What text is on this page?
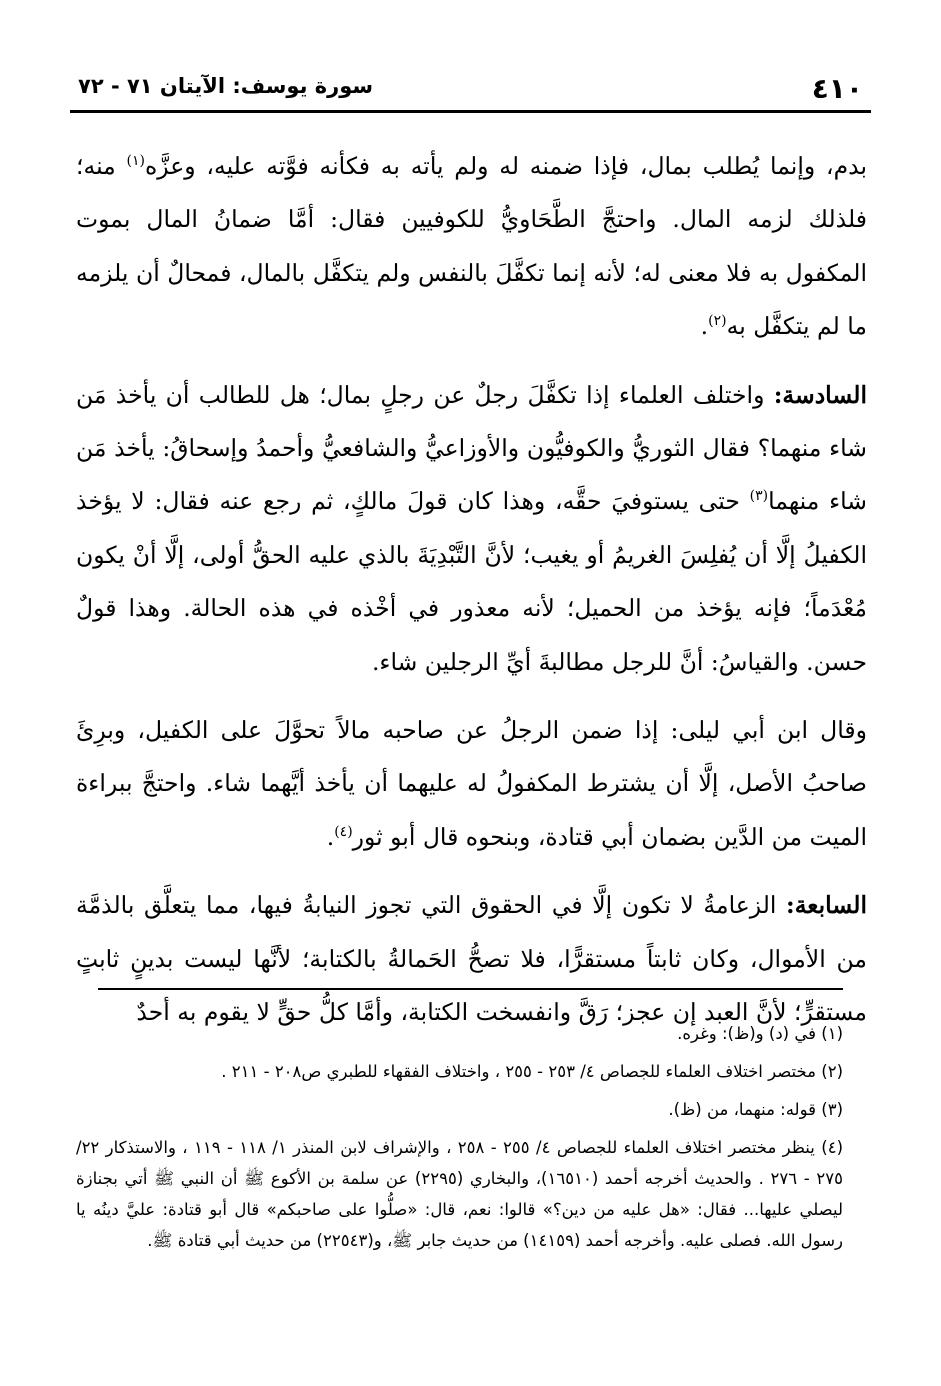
٤١٠
سورة يوسف: الآيتان ٧١ - ٧٢

بدم، وإنما يُطلب بمال، فإذا ضمنه له ولم يأته به فكأنه فوَّته عليه، وعزَّه$^{(١)}$ منه؛ فلذلك لزمه المال. واحتجَّ الطَّحَاويُّ للكوفيين فقال: أمَّا ضمانُ المال بموت المكفول به فلا معنى له؛ لأنه إنما تكفَّلَ بالنفس ولم يتكفَّل بالمال، فمحالٌ أن يلزمه ما لم يتكفَّل به$^{(٢)}$.

السادسة: واختلف العلماء إذا تكفَّلَ رجلٌ عن رجلٍ بمال؛ هل للطالب أن يأخذ مَن شاء منهما؟ فقال الثوريُّ والكوفيُّون والأوزاعيُّ والشافعيُّ وأحمدُ وإسحاقُ: يأخذ مَن شاء منهما$^{(٣)}$ حتى يستوفيَ حقَّه، وهذا كان قولَ مالكٍ، ثم رجع عنه فقال: لا يؤخذ الكفيلُ إلَّا أن يُفلِسَ الغريمُ أو يغيب؛ لأنَّ التَّبْدِيَةَ بالذي عليه الحقُّ أولى، إلَّا أنْ يكون مُعْدَماً؛ فإنه يؤخذ من الحميل؛ لأنه معذور في أخْذه في هذه الحالة. وهذا قولٌ حسن. والقياسُ: أنَّ للرجل مطالبةَ أيِّ الرجلين شاء.

وقال ابن أبي ليلى: إذا ضمن الرجلُ عن صاحبه مالاً تحوَّلَ على الكفيل، وبرِئَ صاحبُ الأصل، إلَّا أن يشترط المكفولُ له عليهما أن يأخذ أيَّهما شاء. واحتجَّ ببراءة الميت من الدَّين بضمان أبي قتادة، وبنحوه قال أبو ثور$^{(٤)}$.

السابعة: الزعامةُ لا تكون إلَّا في الحقوق التي تجوز النيابةُ فيها، مما يتعلَّق بالذمَّة من الأموال، وكان ثابتاً مستقرًّا، فلا تصحُّ الحَمالةُ بالكتابة؛ لأنَّها ليست بدينٍ ثابتٍ مستقرٍّ؛ لأنَّ العبد إن عجز؛ رَقَّ وانفسخت الكتابة، وأمَّا كلُّ حقٍّ لا يقوم به أحدٌ

(١) في (د) و(ظ): وغره.

(٢) مختصر اختلاف العلماء للجصاص ٤/ ٢٥٣ - ٢٥٥ ، واختلاف الفقهاء للطبري ص٢٠٨ - ٢١١ .

(٣) قوله: منهما، من (ظ).

(٤) ينظر مختصر اختلاف العلماء للجصاص ٤/ ٢٥٥ - ٢٥٨ ، والإشراف لابن المنذر ١/ ١١٨ - ١١٩ ، والاستذكار ٢٢/ ٢٧٥ - ٢٧٦ . والحديث أخرجه أحمد (١٦٥١٠)، والبخاري (٢٢٩٥) عن سلمة بن الأكوع ﷺ أن النبي ﷺ أتي بجنازة ليصلي عليها... فقال: «هل عليه من دين؟» قالوا: نعم، قال: «صلُّوا على صاحبكم» قال أبو قتادة: عليَّ دينُه يا رسول الله. فصلى عليه. وأخرجه أحمد (١٤١٥٩) من حديث جابر ﷺ، و(٢٢٥٤٣) من حديث أبي قتادة ﷺ.
